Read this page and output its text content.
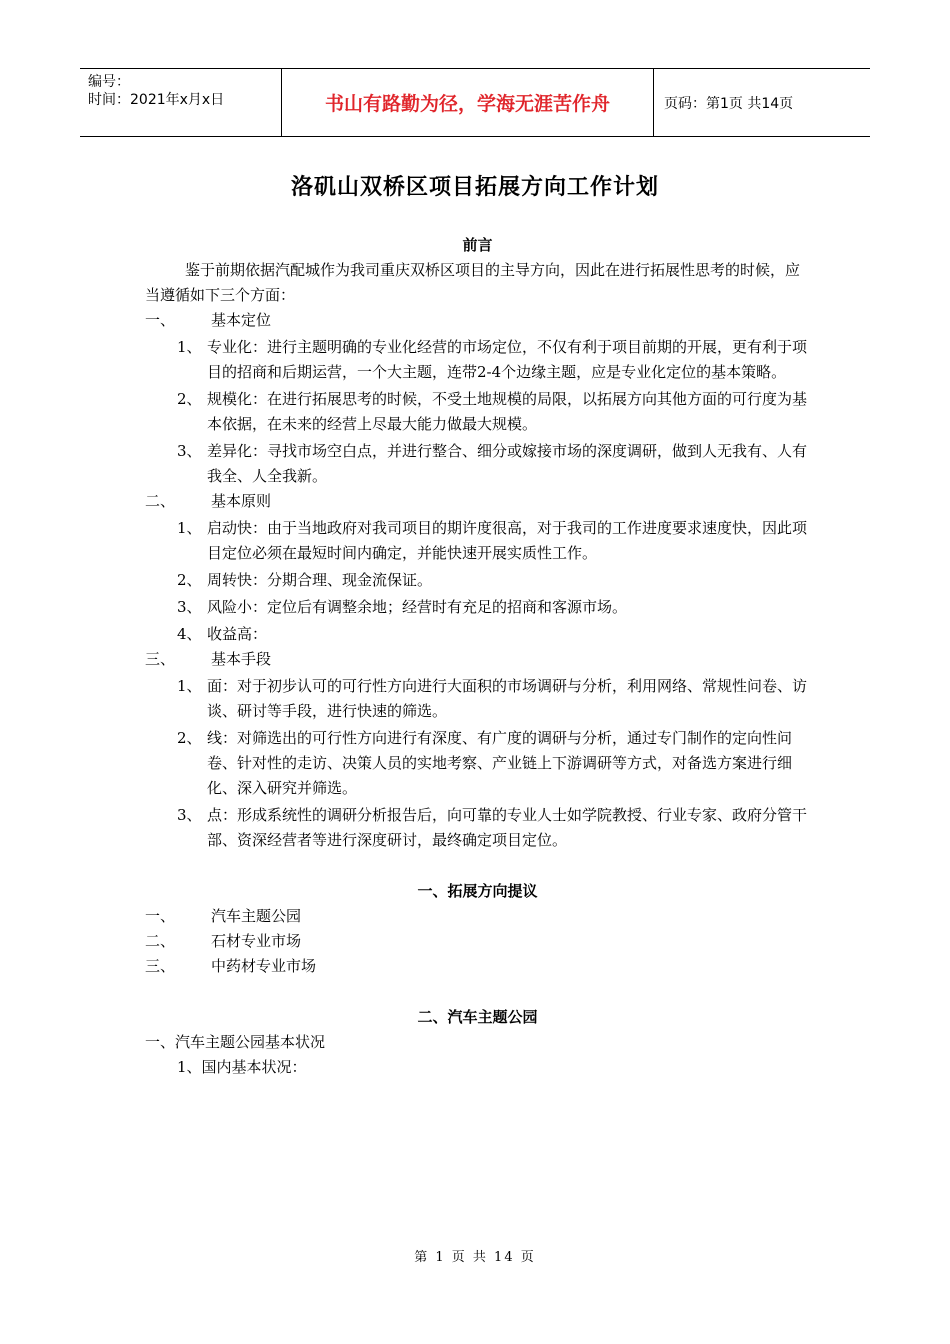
编号：
时间：2021年x月x日	书山有路勤为径，学海无涯苦作舟	页码：第1页 共14页
洛矶山双桥区项目拓展方向工作计划
前言
鉴于前期依据汽配城作为我司重庆双桥区项目的主导方向，因此在进行拓展性思考的时候，应当遵循如下三个方面：
一、	基本定位
1、 专业化：进行主题明确的专业化经营的市场定位，不仅有利于项目前期的开展，更有利于项目的招商和后期运营，一个大主题，连带2-4个边缘主题，应是专业化定位的基本策略。
2、 规模化：在进行拓展思考的时候，不受土地规模的局限，以拓展方向其他方面的可行度为基本依据，在未来的经营上尽最大能力做最大规模。
3、 差异化：寻找市场空白点，并进行整合、细分或嫁接市场的深度调研，做到人无我有、人有我全、人全我新。
二、	基本原则
1、 启动快：由于当地政府对我司项目的期许度很高，对于我司的工作进度要求速度快，因此项目定位必须在最短时间内确定，并能快速开展实质性工作。
2、 周转快：分期合理、现金流保证。
3、 风险小：定位后有调整余地；经营时有充足的招商和客源市场。
4、 收益高：
三、	基本手段
1、 面：对于初步认可的可行性方向进行大面积的市场调研与分析，利用网络、常规性问卷、访谈、研讨等手段，进行快速的筛选。
2、 线：对筛选出的可行性方向进行有深度、有广度的调研与分析，通过专门制作的定向性问卷、针对性的走访、决策人员的实地考察、产业链上下游调研等方式，对备选方案进行细化、深入研究并筛选。
3、 点：形成系统性的调研分析报告后，向可靠的专业人士如学院教授、行业专家、政府分管干部、资深经营者等进行深度研讨，最终确定项目定位。
一、拓展方向提议
一、	汽车主题公园
二、	石材专业市场
三、	中药材专业市场
二、汽车主题公园
一、汽车主题公园基本状况
1、国内基本状况：
第 1 页 共 14 页
